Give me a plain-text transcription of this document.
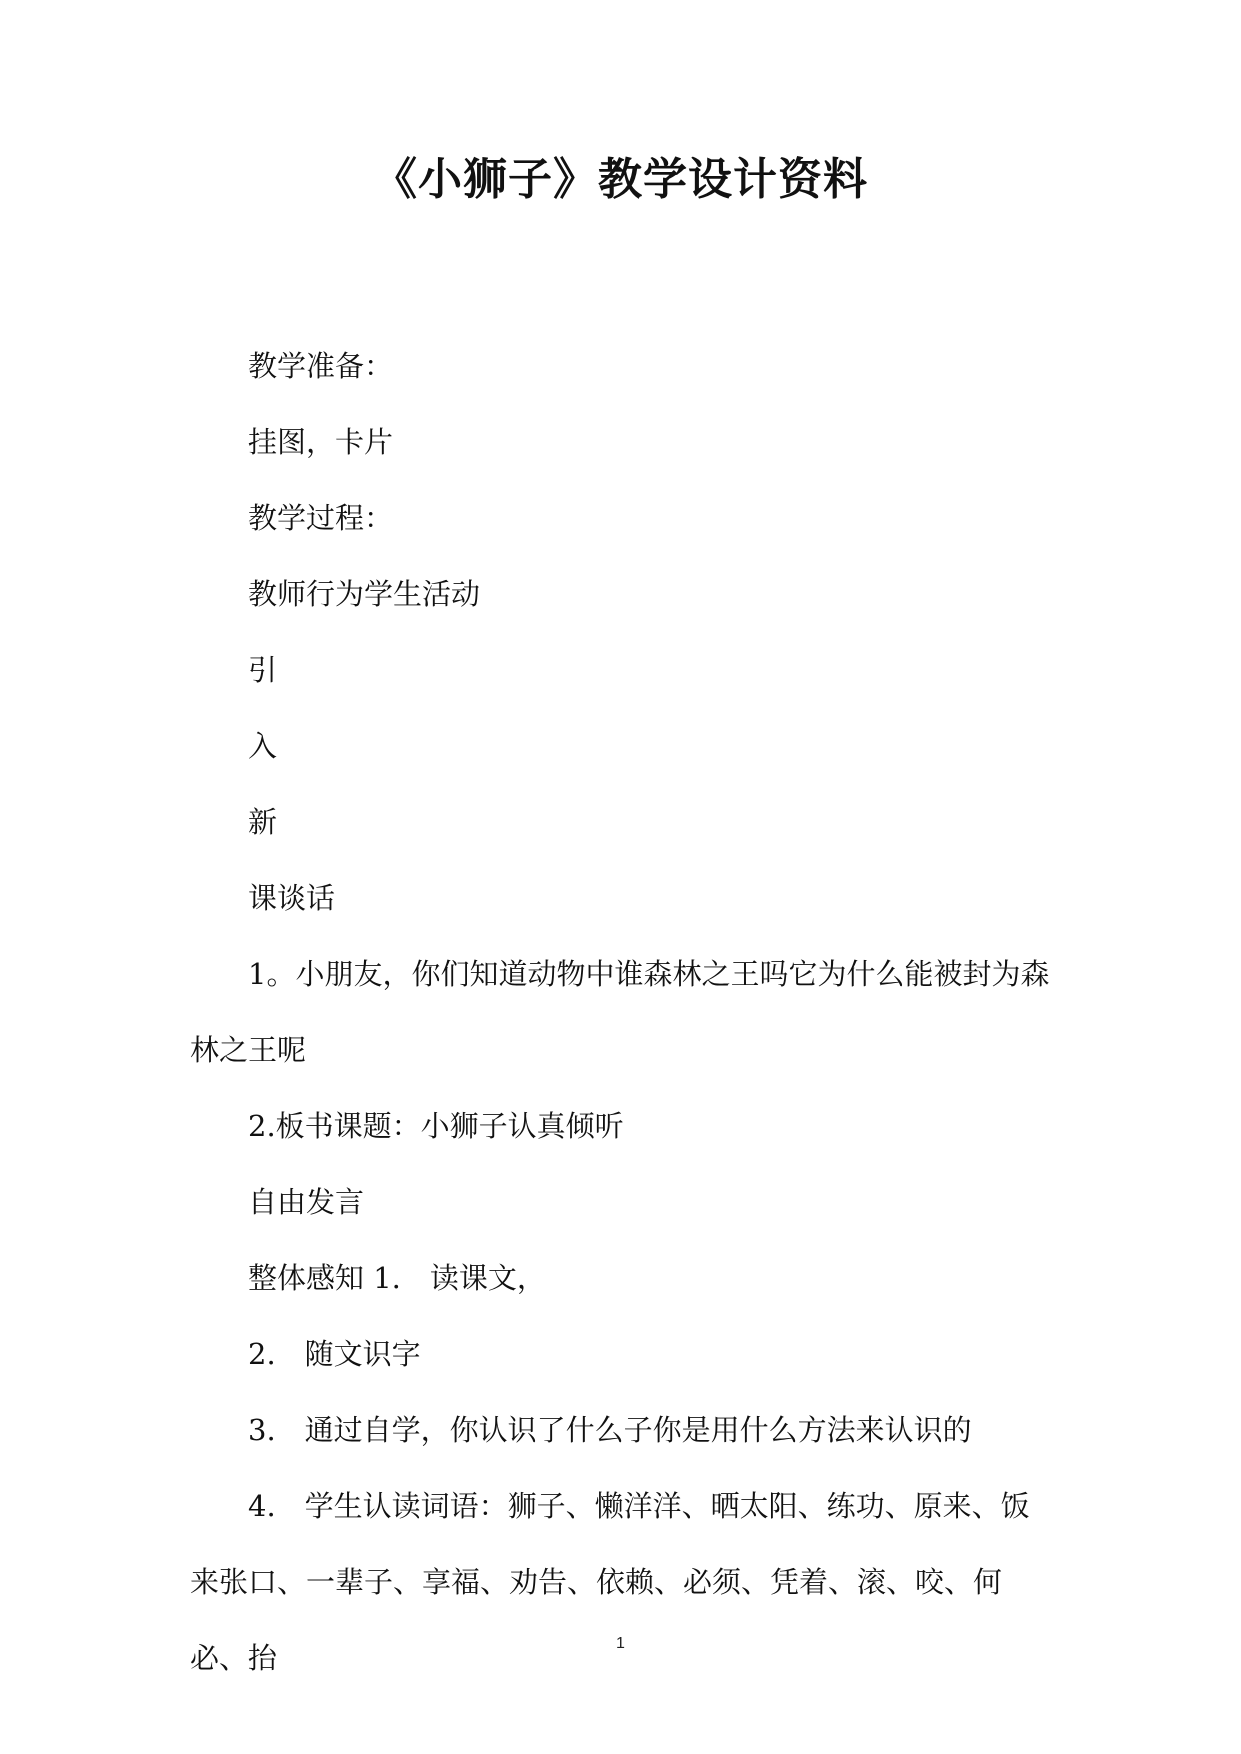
《小狮子》教学设计资料

教学准备：

挂图，卡片

教学过程：

教师行为学生活动

引

入

新

课谈话

1。小朋友，你们知道动物中谁森林之王吗它为什么能被封为森林之王呢

2.板书课题：小狮子认真倾听

自由发言

整体感知 1.　读课文，

2.　随文识字

3.　通过自学，你认识了什么子你是用什么方法来认识的

4.　学生认读词语：狮子、懒洋洋、晒太阳、练功、原来、饭来张口、一辈子、享福、劝告、依赖、必须、凭着、滚、咬、何必、抬	1
